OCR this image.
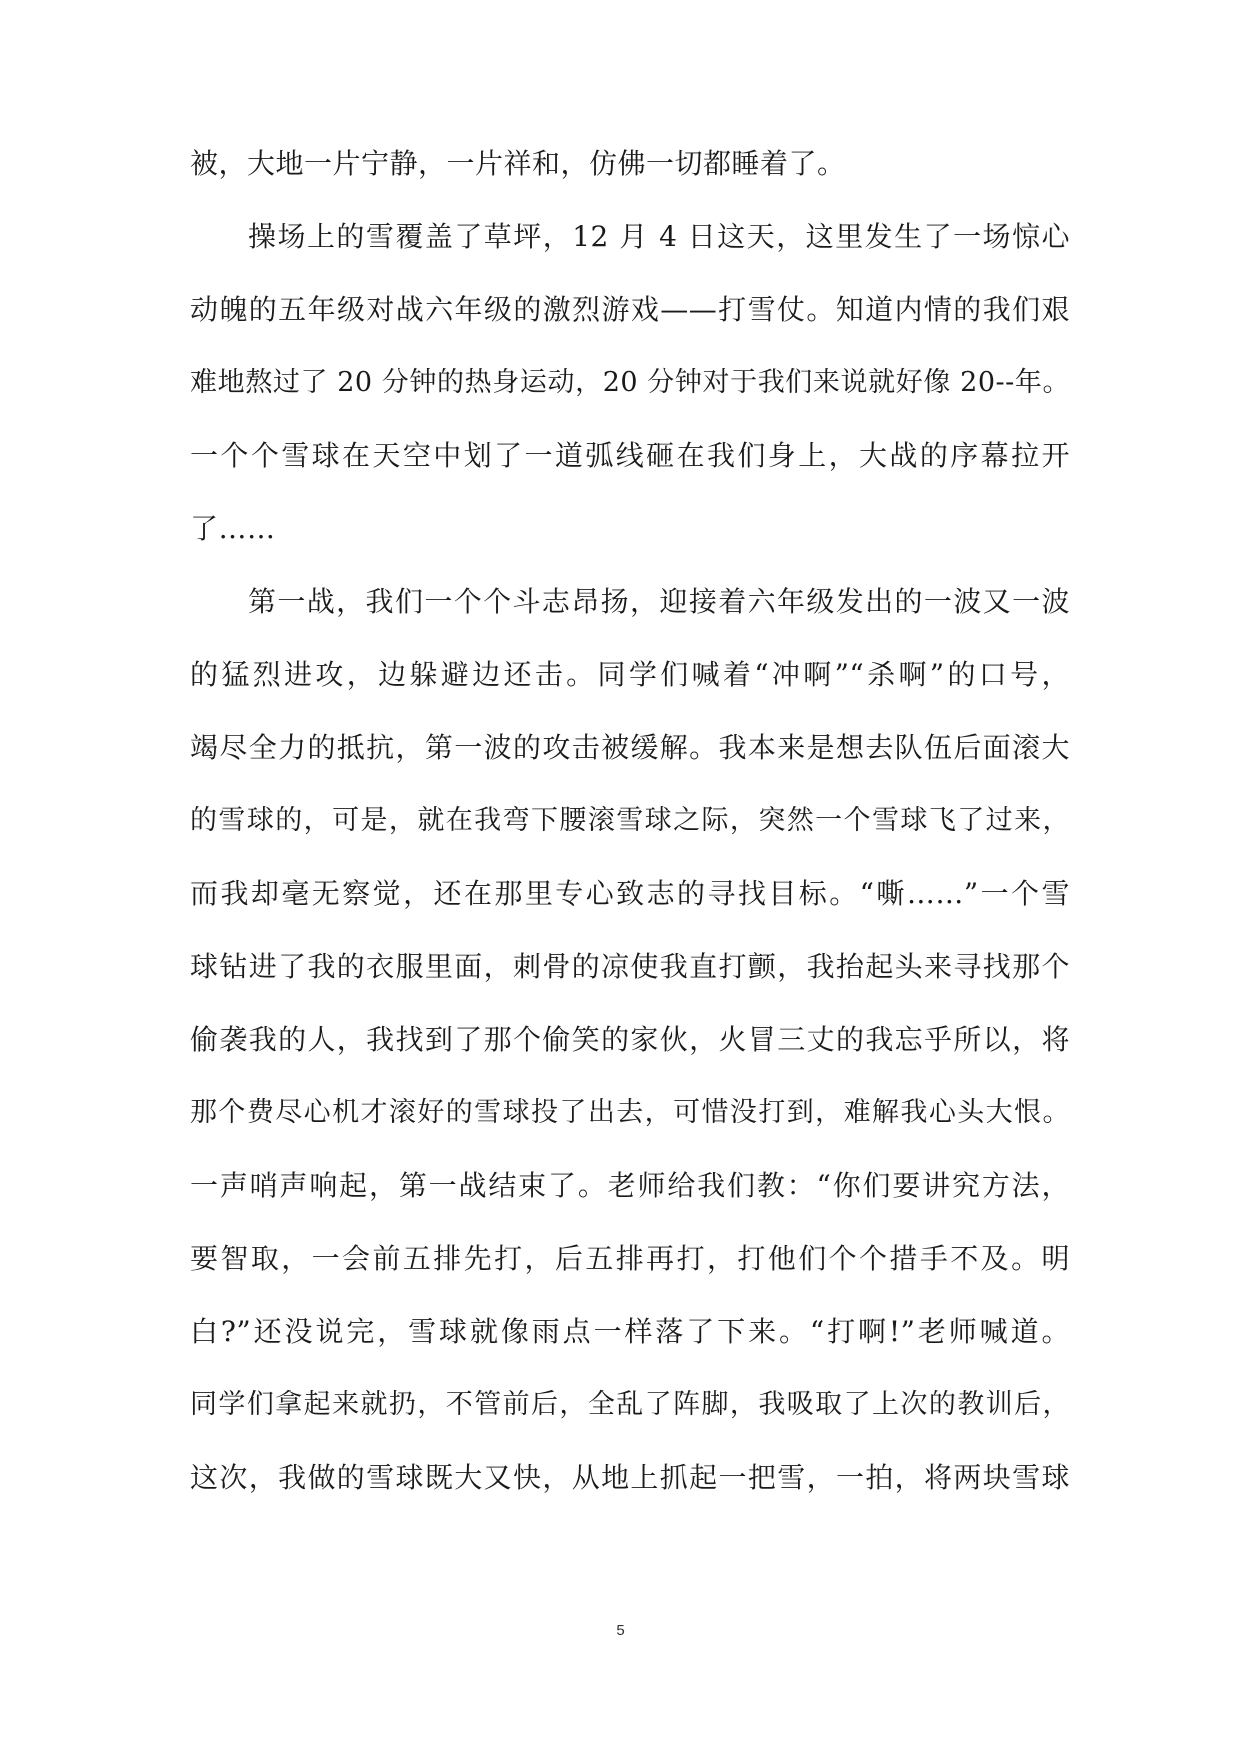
被，大地一片宁静，一片祥和，仿佛一切都睡着了。
操场上的雪覆盖了草坪，12 月 4 日这天，这里发生了一场惊心
动魄的五年级对战六年级的激烈游戏——打雪仗。知道内情的我们艰
难地熬过了 20 分钟的热身运动，20 分钟对于我们来说就好像 20--年。
一个个雪球在天空中划了一道弧线砸在我们身上，大战的序幕拉开
了……
第一战，我们一个个斗志昂扬，迎接着六年级发出的一波又一波
的猛烈进攻，边躲避边还击。同学们喊着“冲啊”“杀啊”的口号，
竭尽全力的抵抗，第一波的攻击被缓解。我本来是想去队伍后面滚大
的雪球的，可是，就在我弯下腰滚雪球之际，突然一个雪球飞了过来，
而我却毫无察觉，还在那里专心致志的寻找目标。“嘶……”一个雪
球钻进了我的衣服里面，刺骨的凉使我直打颤，我抬起头来寻找那个
偷袭我的人，我找到了那个偷笑的家伙，火冒三丈的我忘乎所以，将
那个费尽心机才滚好的雪球投了出去，可惜没打到，难解我心头大恨。
一声哨声响起，第一战结束了。老师给我们教：“你们要讲究方法，
要智取，一会前五排先打，后五排再打，打他们个个措手不及。明
白?”还没说完，雪球就像雨点一样落了下来。“打啊!”老师喊道。
同学们拿起来就扔，不管前后，全乱了阵脚，我吸取了上次的教训后，
这次，我做的雪球既大又快，从地上抓起一把雪，一拍，将两块雪球
5
